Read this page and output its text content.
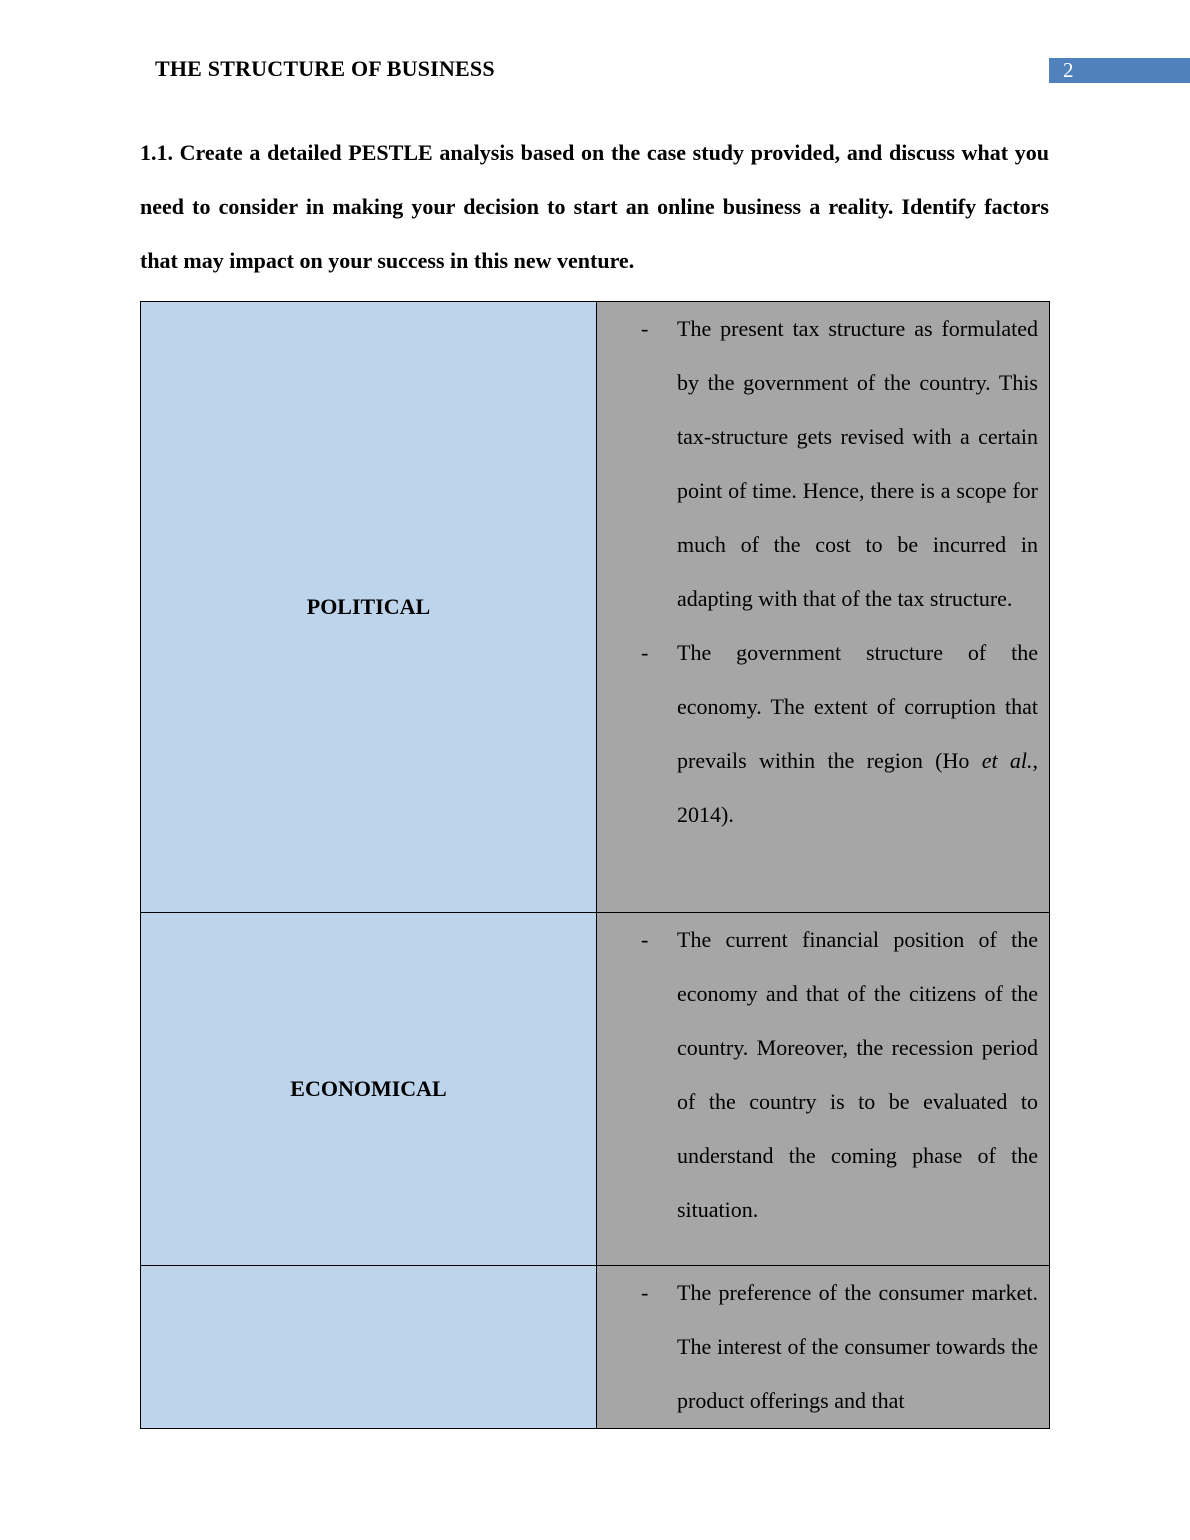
THE STRUCTURE OF BUSINESS	2
1.1. Create a detailed PESTLE analysis based on the case study provided, and discuss what you need to consider in making your decision to start an online business a reality. Identify factors that may impact on your success in this new venture.
POLITICAL	- The present tax structure as formulated by the government of the country. This tax-structure gets revised with a certain point of time. Hence, there is a scope for much of the cost to be incurred in adapting with that of the tax structure.
- The government structure of the economy. The extent of corruption that prevails within the region (Ho et al., 2014).

ECONOMICAL	- The current financial position of the economy and that of the citizens of the country. Moreover, the recession period of the country is to be evaluated to understand the coming phase of the situation.

	- The preference of the consumer market. The interest of the consumer towards the product offerings and that
